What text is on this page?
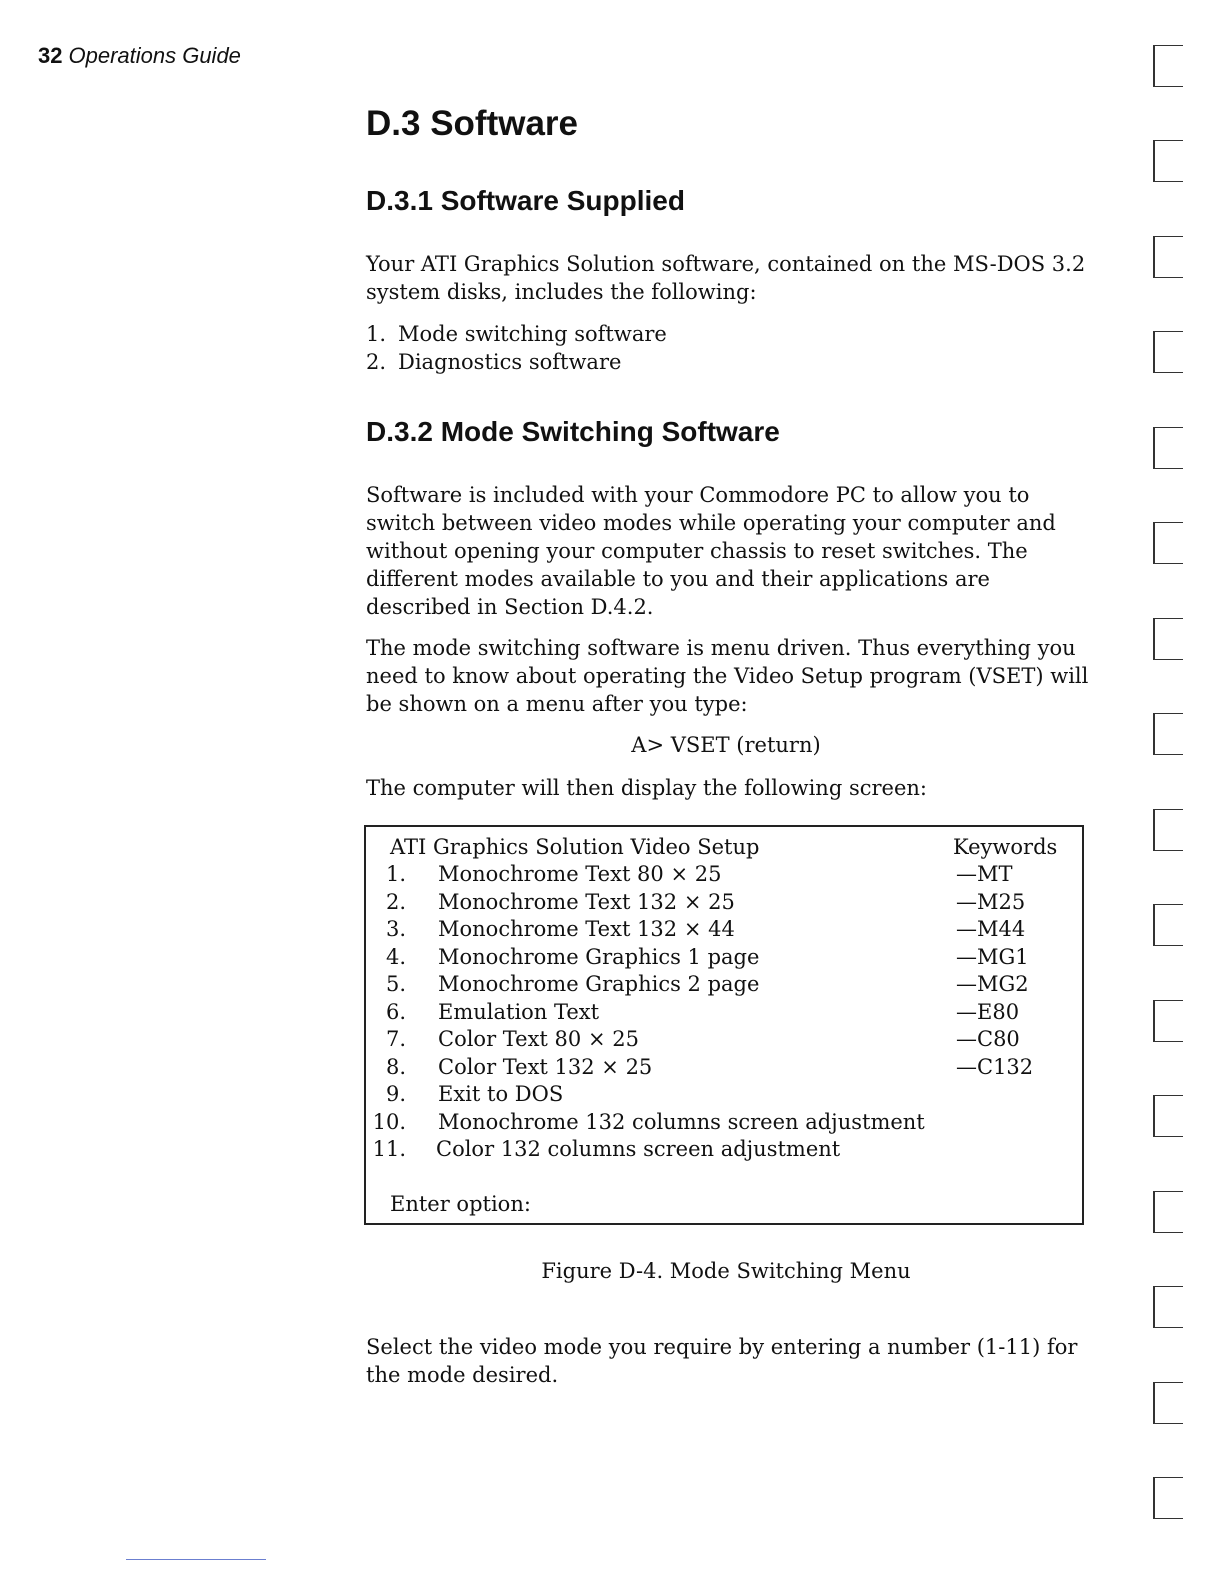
32 Operations Guide
D.3 Software
D.3.1 Software Supplied

Your ATI Graphics Solution software, contained on the MS-DOS 3.2 system disks, includes the following:

1. Mode switching software
2. Diagnostics software
D.3.2 Mode Switching Software

Software is included with your Commodore PC to allow you to switch between video modes while operating your computer and without opening your computer chassis to reset switches. The different modes available to you and their applications are described in Section D.4.2.

The mode switching software is menu driven. Thus everything you need to know about operating the Video Setup program (VSET) will be shown on a menu after you type:

A> VSET (return)

The computer will then display the following screen:

ATI Graphics Solution Video Setup	Keywords
1. Monochrome Text 80 × 25	—MT
2. Monochrome Text 132 × 25	—M25
3. Monochrome Text 132 × 44	—M44
4. Monochrome Graphics 1 page	—MG1
5. Monochrome Graphics 2 page	—MG2
6. Emulation Text	—E80
7. Color Text 80 × 25	—C80
8. Color Text 132 × 25	—C132
9. Exit to DOS
10. Monochrome 132 columns screen adjustment
11. Color 132 columns screen adjustment
Enter option:
Figure D-4. Mode Switching Menu

Select the video mode you require by entering a number (1-11) for the mode desired.
